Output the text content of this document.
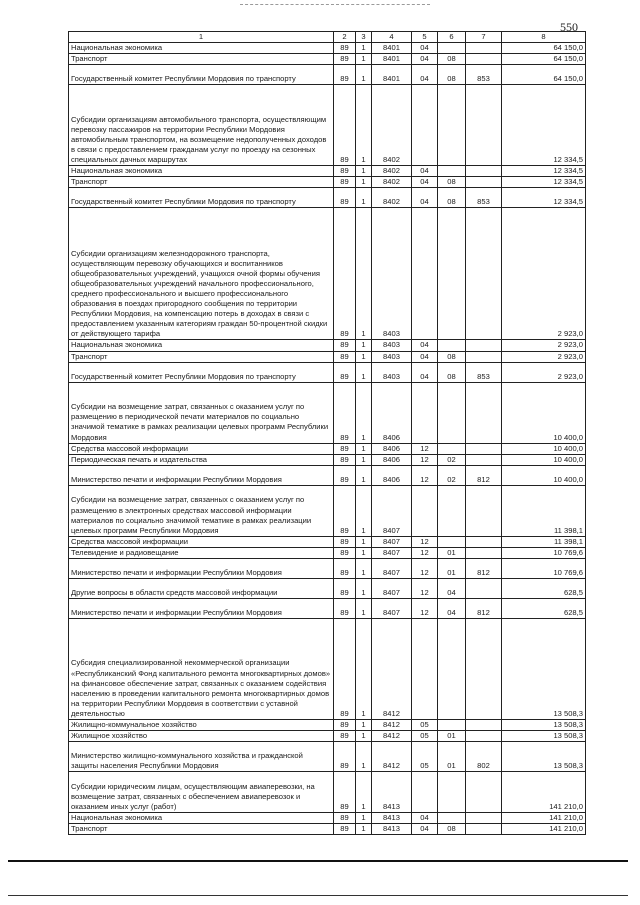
550
1	2	3	4	5	6	7	8
Национальная экономика	89	1	8401	04			64 150,0
Транспорт	89	1	8401	04	08		64 150,0
Государственный комитет Республики Мордовия по транспорту	89	1	8401	04	08	853	64 150,0
Субсидии организациям автомобильного транспорта, осуществляющим перевозку пассажиров на территории Республики Мордовия автомобильным транспортом, на возмещение недополученных доходов в связи с предоставлением гражданам услуг по проезду на сезонных специальных дачных маршрутах	89	1	8402				12 334,5
Национальная экономика	89	1	8402	04			12 334,5
Транспорт	89	1	8402	04	08		12 334,5
Государственный комитет Республики Мордовия по транспорту	89	1	8402	04	08	853	12 334,5
Субсидии организациям железнодорожного транспорта, осуществляющим перевозку обучающихся и воспитанников общеобразовательных учреждений, учащихся очной формы обучения общеобразовательных учреждений начального профессионального, среднего профессионального и высшего профессионального образования в поездах пригородного сообщения по территории Республики Мордовия, на компенсацию потерь в доходах в связи с предоставлением указанным категориям граждан 50-процентной скидки от действующего тарифа	89	1	8403				2 923,0
Национальная экономика	89	1	8403	04			2 923,0
Транспорт	89	1	8403	04	08		2 923,0
Государственный комитет Республики Мордовия по транспорту	89	1	8403	04	08	853	2 923,0
Субсидии на возмещение затрат, связанных с оказанием услуг по размещению в периодической печати материалов по социально значимой тематике в рамках реализации целевых программ Республики Мордовия	89	1	8406				10 400,0
Средства массовой информации	89	1	8406	12			10 400,0
Периодическая печать и издательства	89	1	8406	12	02		10 400,0
Министерство печати и информации Республики Мордовия	89	1	8406	12	02	812	10 400,0
Субсидии на возмещение затрат, связанных с оказанием услуг по размещению в электронных средствах массовой информации материалов по социально значимой тематике в рамках реализации целевых программ Республики Мордовия	89	1	8407				11 398,1
Средства массовой информации	89	1	8407	12			11 398,1
Телевидение и радиовещание	89	1	8407	12	01		10 769,6
Министерство печати и информации Республики Мордовия	89	1	8407	12	01	812	10 769,6
Другие вопросы в области средств массовой информации	89	1	8407	12	04		628,5
Министерство печати и информации Республики Мордовия	89	1	8407	12	04	812	628,5
Субсидия специализированной некоммерческой организации «Республиканский Фонд капитального ремонта многоквартирных домов» на финансовое обеспечение затрат, связанных с оказанием содействия населению в проведении капитального ремонта многоквартирных домов на территории Республики Мордовия в соответствии с уставной деятельностью	89	1	8412				13 508,3
Жилищно-коммунальное хозяйство	89	1	8412	05			13 508,3
Жилищное хозяйство	89	1	8412	05	01		13 508,3
Министерство жилищно-коммунального хозяйства и гражданской защиты населения Республики Мордовия	89	1	8412	05	01	802	13 508,3
Субсидии юридическим лицам, осуществляющим авиаперевозки, на возмещение затрат, связанных с обеспечением авиаперевозок и оказанием иных услуг (работ)	89	1	8413				141 210,0
Национальная экономика	89	1	8413	04			141 210,0
Транспорт	89	1	8413	04	08		141 210,0
